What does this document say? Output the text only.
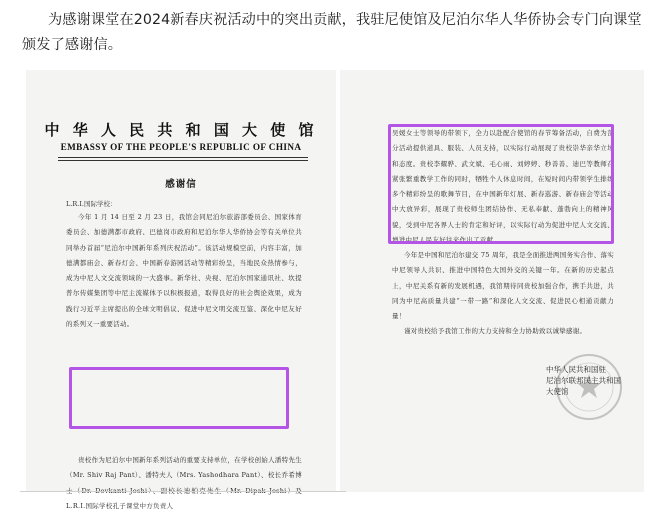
为感谢课堂在2024新春庆祝活动中的突出贡献，我驻尼使馆及尼泊尔华人华侨协会专门向课堂颁发了感谢信。
中 华 人 民 共 和 国 大 使 馆
EMBASSY OF THE PEOPLE'S REPUBLIC OF CHINA
感谢信
L.R.I.国际学校：
今年 1 月 14 日至 2 月 23 日，我馆会同尼泊尔旅游部委员会、国家体育委员会、加德满都市政府、巴德岗市政府和尼泊尔华人华侨协会等有关单位共同举办首届“尼泊尔中国新年系列庆祝活动”。该活动规模空前，内容丰富，加德满都庙会、新春灯会、中国新春游园活动等精彩纷呈，当地民众热情参与，成为中尼人文交流领域的一大盛事。新华社、央视、尼泊尔国家通讯社、坎提普尔传媒集团等中尼主流媒体予以积极报道，取得良好的社会舆论效果，成为践行习近平主席提出的全球文明倡议、促进中尼文明交流互鉴、深化中尼友好的系列又一重要活动。
贵校作为尼泊尔中国新年系列活动的重要支持单位，在学校创始人潘特先生（Mr. Shiv Raj Pant）、潘特夫人（Mrs. Yashodhara Pant）、校长乔希博 L.R.I.国际学校孔子课堂中方负责人
吴媛女士等领导的带领下，全力以赴配合使馆的春节筹备活动，自费为部分活动提供道具、服装、人员支持，以实际行动展现了贵校崇华亲华立场和态度。贵校李耀骅、武文斌、毛心雨、刘婷婷、秒善善、迪巴等教师在紧张繁重教学工作的同时，牺牲个人休息时间，在短时间内带领学生排练多个精彩纷呈的歌舞节目，在中国新年灯展、新春巡游、新春庙会等活动中大放异彩，展现了贵校师生团结协作、无私奉献、蓬勃向上的精神风貌，受到中尼各界人士的肯定和好评，以实际行动为促进中尼人文交流、增进中尼人民友好往来作出了贡献。
今年是中国和尼泊尔建交 75 周年，我是全面推进两国务实合作、落实中尼领导人共识、推进中国特色大国外交的关键一年。在新的历史起点上，中尼关系有新的发展机遇，我馆期待同贵校加强合作，携手共进，共同为中尼高质量共建“一带一路”和深化人文交流、促进民心相通贡献力量！
谨对贵校给予我馆工作的大力支持和全力协助致以诚挚感谢。
中华人民共和国驻
尼泊尔联邦民主共和国
大使馆
